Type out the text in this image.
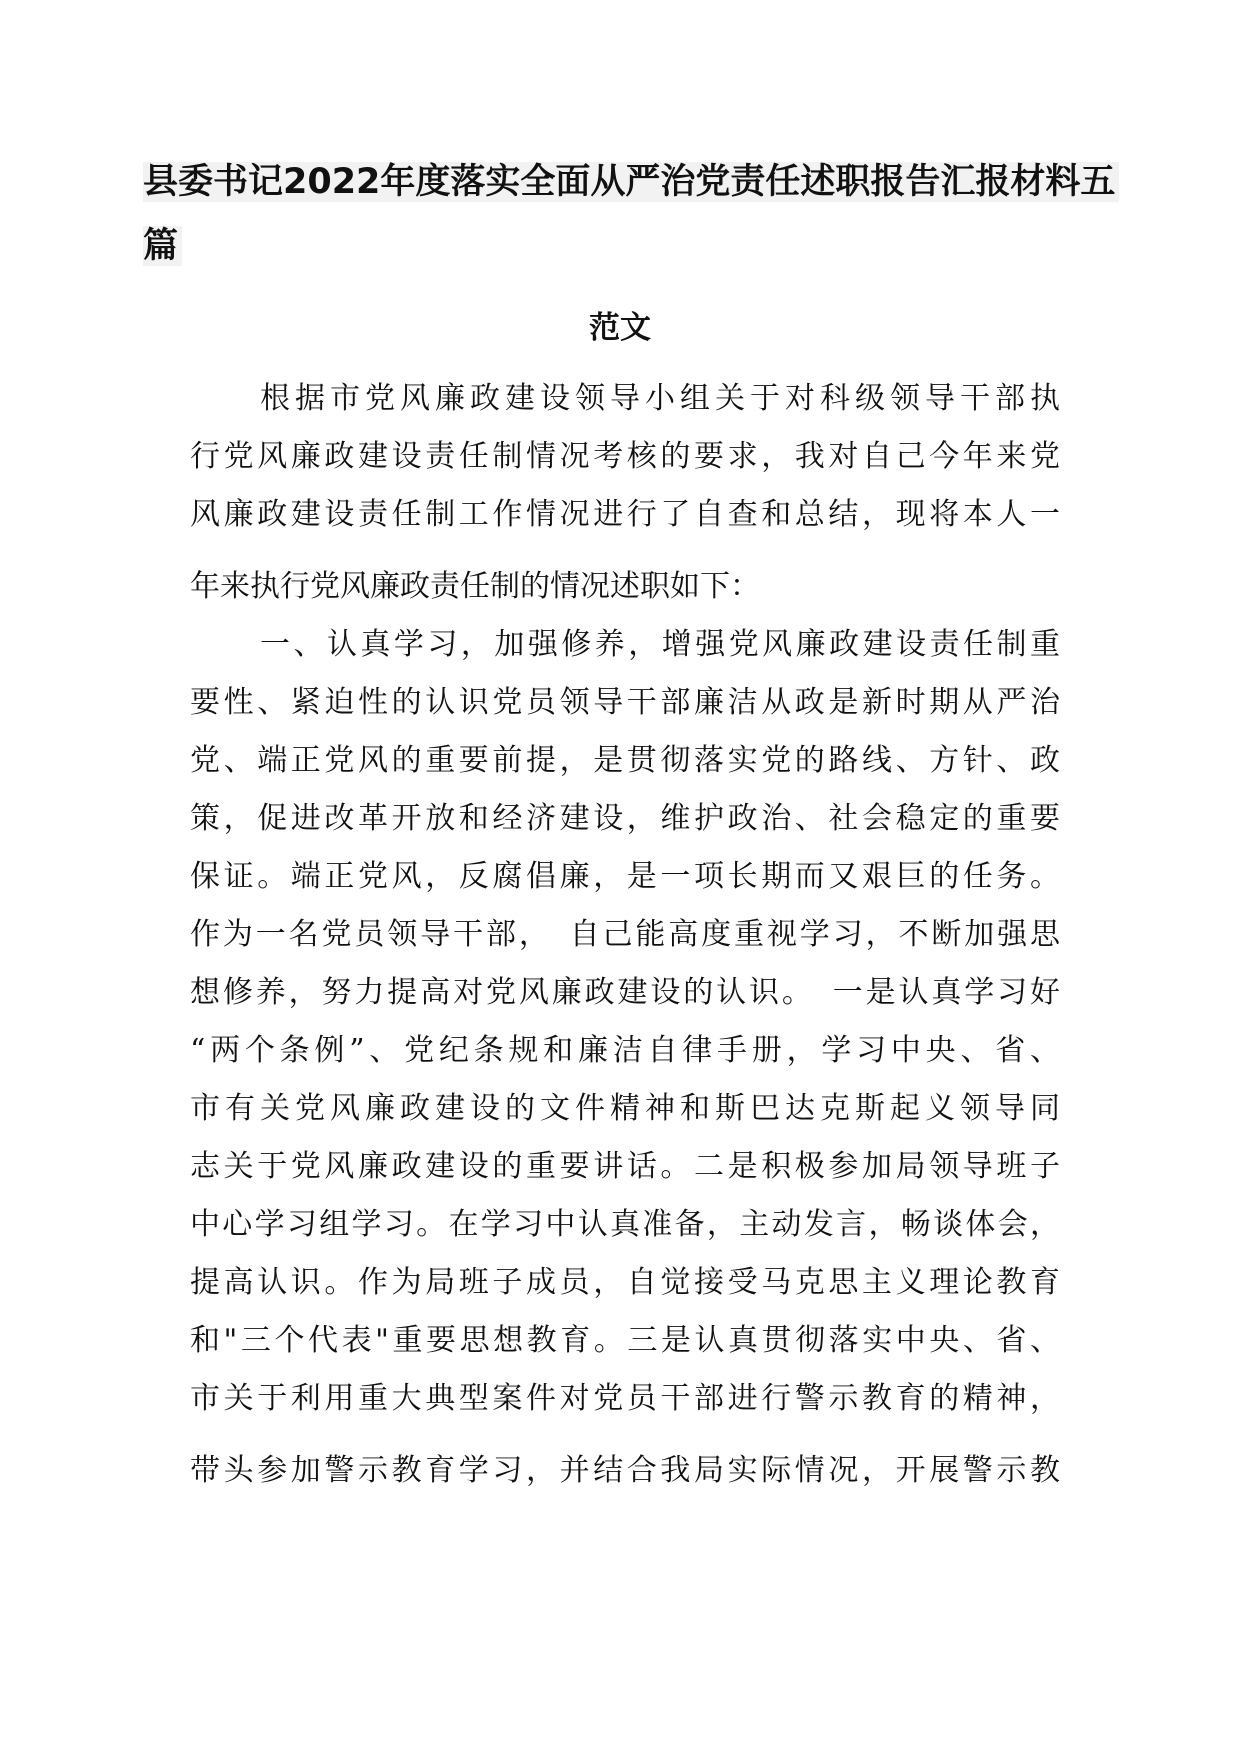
县委书记2022年度落实全面从严治党责任述职报告汇报材料五
篇
范文
根据市党风廉政建设领导小组关于对科级领导干部执
行党风廉政建设责任制情况考核的要求，我对自己今年来党
风廉政建设责任制工作情况进行了自查和总结，现将本人一
年来执行党风廉政责任制的情况述职如下：
一、认真学习，加强修养，增强党风廉政建设责任制重
要性、紧迫性的认识党员领导干部廉洁从政是新时期从严治
党、端正党风的重要前提，是贯彻落实党的路线、方针、政
策，促进改革开放和经济建设，维护政治、社会稳定的重要
保证。端正党风，反腐倡廉，是一项长期而又艰巨的任务。
作为一名党员领导干部，　自己能高度重视学习，不断加强思
想修养，努力提高对党风廉政建设的认识。　一是认真学习好
“两个条例”、党纪条规和廉洁自律手册，学习中央、省、
市有关党风廉政建设的文件精神和斯巴达克斯起义领导同
志关于党风廉政建设的重要讲话。二是积极参加局领导班子
中心学习组学习。在学习中认真准备，主动发言，畅谈体会，
提高认识。作为局班子成员，自觉接受马克思主义理论教育
和"三个代表"重要思想教育。三是认真贯彻落实中央、省、
市关于利用重大典型案件对党员干部进行警示教育的精神，
带头参加警示教育学习，并结合我局实际情况，开展警示教
